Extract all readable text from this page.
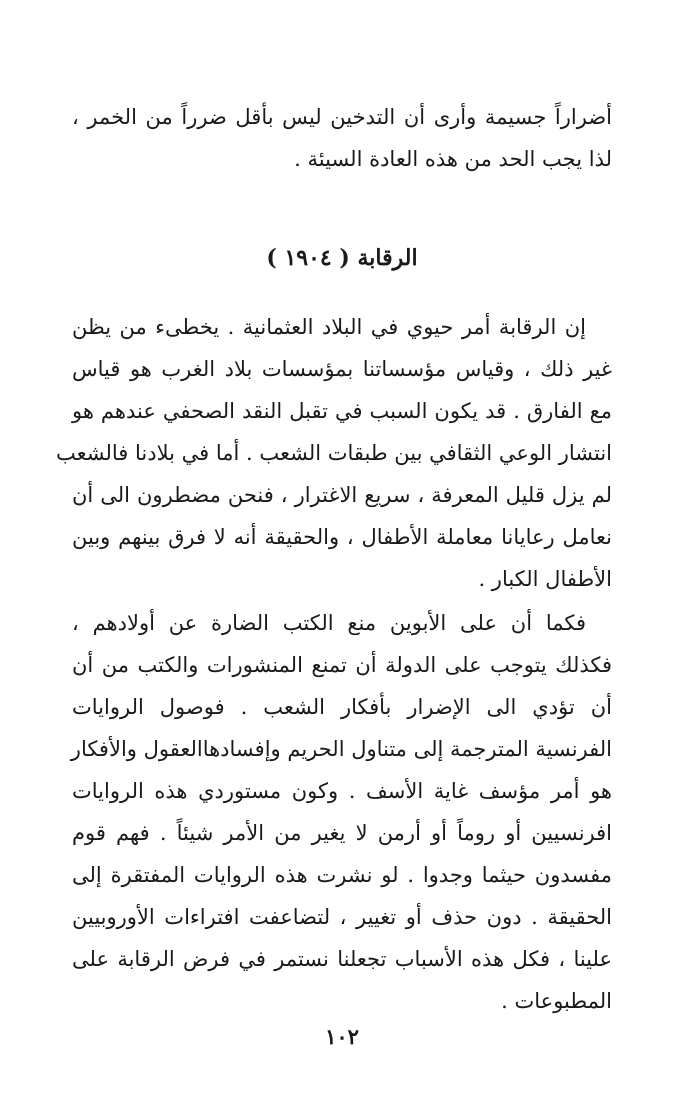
أضراراً جسيمة وأرى أن التدخين ليس بأقل ضرراً من الخمر ،
لذا يجب الحد من هذه العادة السيئة .
الرقابة ( ١٩٠٤ )
إن الرقابة أمر حيوي في البلاد العثمانية . يخطىء من يظن
غير ذلك ، وقياس مؤسساتنا بمؤسسات بلاد الغرب هو قياس
مع الفارق . قد يكون السبب في تقبل النقد الصحفي عندهم هو
انتشار الوعي الثقافي بين طبقات الشعب . أما في بلادنا فالشعب
لم يزل قليل المعرفة ، سريع الاغترار ، فنحن مضطرون الى أن
نعامل رعايانا معاملة الأطفال ، والحقيقة أنه لا فرق بينهم وبين
الأطفال الكبار .
فكما أن على الأبوين منع الكتب الضارة عن أولادهم ،
فكذلك يتوجب على الدولة أن تمنع المنشورات والكتب من أن
أن تؤدي الى الإضرار بأفكار الشعب . فوصول الروايات
الفرنسية المترجمة إلى متناول الحريم وإفسادهاالعقول والأفكار
هو أمر مؤسف غاية الأسف . وكون مستوردي هذه الروايات
افرنسيين أو روماً أو أرمن لا يغير من الأمر شيئاً . فهم قوم
مفسدون حيثما وجدوا . لو نشرت هذه الروايات المفتقرة إلى
الحقيقة . دون حذف أو تغيير ، لتضاعفت افتراءات الأوروبيين
علينا ، فكل هذه الأسباب تجعلنا نستمر في فرض الرقابة على
المطبوعات .
١٠٢
